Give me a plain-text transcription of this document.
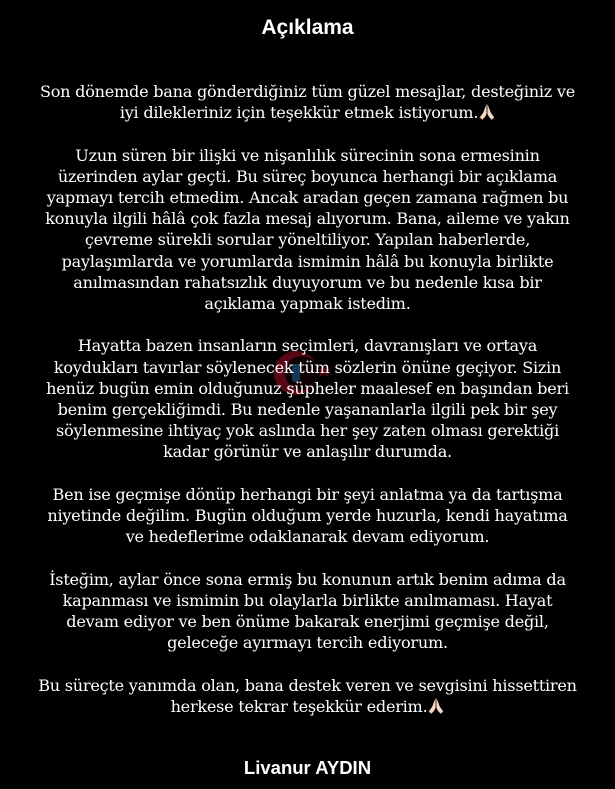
Açıklama

Son dönemde bana gönderdiğiniz tüm güzel mesajlar, desteğiniz ve
iyi dilekleriniz için teşekkür etmek istiyorum.

Uzun süren bir ilişki ve nişanlılık sürecinin sona ermesinin
üzerinden aylar geçti. Bu süreç boyunca herhangi bir açıklama
yapmayı tercih etmedim. Ancak aradan geçen zamana rağmen bu
konuyla ilgili hâlâ çok fazla mesaj alıyorum. Bana, aileme ve yakın
çevreme sürekli sorular yöneltiliyor. Yapılan haberlerde,
paylaşımlarda ve yorumlarda ismimin hâlâ bu konuyla birlikte
anılmasından rahatsızlık duyuyorum ve bu nedenle kısa bir
açıklama yapmak istedim.

Hayatta bazen insanların seçimleri, davranışları ve ortaya
koydukları tavırlar söylenecek tüm sözlerin önüne geçiyor. Sizin
henüz bugün emin olduğunuz şüpheler maalesef en başından beri
benim gerçekliğimdi. Bu nedenle yaşananlarla ilgili pek bir şey
söylenmesine ihtiyaç yok aslında her şey zaten olması gerektiği
kadar görünür ve anlaşılır durumda.

Ben ise geçmişe dönüp herhangi bir şeyi anlatma ya da tartışma
niyetinde değilim. Bugün olduğum yerde huzurla, kendi hayatıma
ve hedeflerime odaklanarak devam ediyorum.

İsteğim, aylar önce sona ermiş bu konunun artık benim adıma da
kapanması ve ismimin bu olaylarla birlikte anılmaması. Hayat
devam ediyor ve ben önüme bakarak enerjimi geçmişe değil,
geleceğe ayırmayı tercih ediyorum.

Bu süreçte yanımda olan, bana destek veren ve sevgisini hissettiren
herkese tekrar teşekkür ederim.

Livanur AYDIN
